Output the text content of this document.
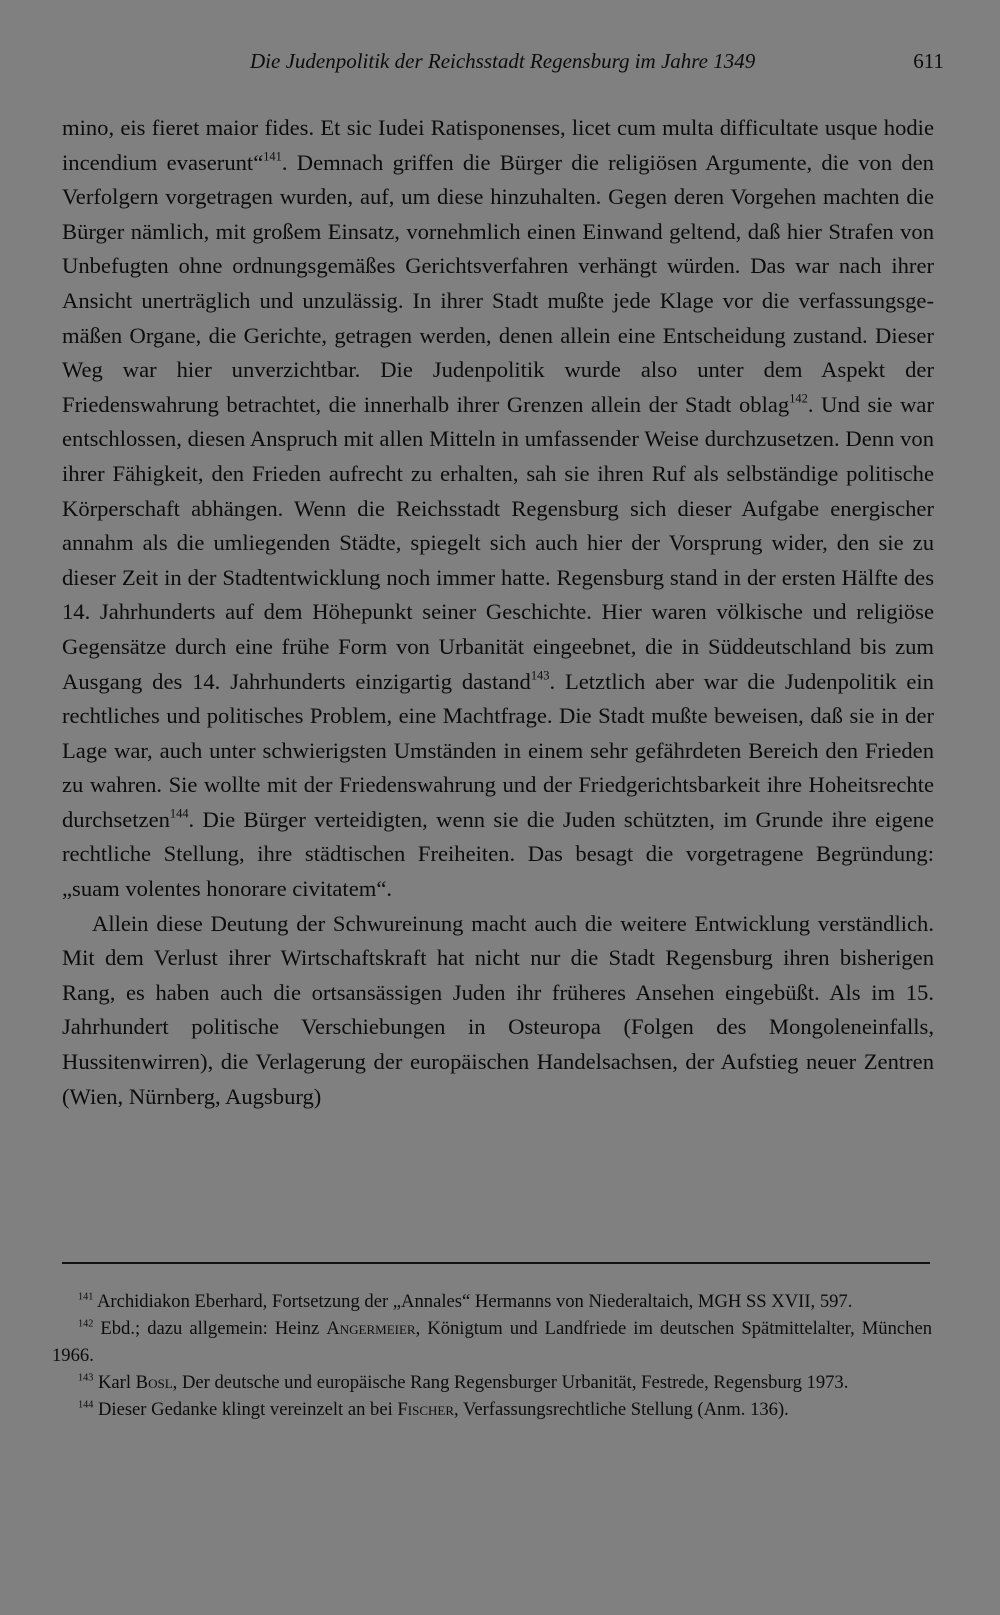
Die Judenpolitik der Reichsstadt Regensburg im Jahre 1349	611

mino, eis fieret maior fides. Et sic Iudei Ratisponenses, licet cum multa difficultate usque hodie incendium evaserunt“$^{141}$. Demnach griffen die Bürger die religiösen Argumente, die von den Verfolgern vorgetragen wurden, auf, um diese hinzuhalten. Gegen deren Vorgehen machten die Bürger nämlich, mit großem Einsatz, vornehmlich einen Einwand geltend, daß hier Strafen von Unbefugten ohne ordnungsgemäßes Gerichtsverfahren verhängt würden. Das war nach ihrer Ansicht unerträglich und unzulässig. In ihrer Stadt mußte jede Klage vor die verfassungsgemäßen Organe, die Gerichte, getragen werden, denen allein eine Entscheidung zustand. Dieser Weg war hier unverzichtbar. Die Judenpolitik wurde also unter dem Aspekt der Friedenswahrung betrachtet, die innerhalb ihrer Grenzen allein der Stadt oblag$^{142}$. Und sie war entschlossen, diesen Anspruch mit allen Mitteln in umfassender Weise durchzusetzen. Denn von ihrer Fähigkeit, den Frieden aufrecht zu erhalten, sah sie ihren Ruf als selbständige politische Körperschaft abhängen. Wenn die Reichsstadt Regensburg sich dieser Aufgabe energischer annahm als die umliegenden Städte, spiegelt sich auch hier der Vorsprung wider, den sie zu dieser Zeit in der Stadtentwicklung noch immer hatte. Regensburg stand in der ersten Hälfte des 14. Jahrhunderts auf dem Höhepunkt seiner Geschichte. Hier waren völkische und religiöse Gegensätze durch eine frühe Form von Urbanität eingeebnet, die in Süddeutschland bis zum Ausgang des 14. Jahrhunderts einzigartig dastand$^{143}$. Letztlich aber war die Judenpolitik ein rechtliches und politisches Problem, eine Machtfrage. Die Stadt mußte beweisen, daß sie in der Lage war, auch unter schwierigsten Umständen in einem sehr gefährdeten Bereich den Frieden zu wahren. Sie wollte mit der Friedenswahrung und der Friedgerichtsbarkeit ihre Hoheitsrechte durchsetzen$^{144}$. Die Bürger verteidigten, wenn sie die Juden schützten, im Grunde ihre eigene rechtliche Stellung, ihre städtischen Freiheiten. Das besagt die vorgetragene Begründung: „suam volentes honorare civitatem“.

Allein diese Deutung der Schwureinung macht auch die weitere Entwicklung verständlich. Mit dem Verlust ihrer Wirtschaftskraft hat nicht nur die Stadt Regensburg ihren bisherigen Rang, es haben auch die ortsansässigen Juden ihr früheres Ansehen eingebüßt. Als im 15. Jahrhundert politische Verschiebungen in Osteuropa (Folgen des Mongoleneinfalls, Hussitenwirren), die Verlagerung der europäischen Handelsachsen, der Aufstieg neuer Zentren (Wien, Nürnberg, Augsburg)

$^{141}$ Archidiakon Eberhard, Fortsetzung der „Annales“ Hermanns von Niederaltaich, MGH SS XVII, 597.

$^{142}$ Ebd.; dazu allgemein: Heinz Angermeier, Königtum und Landfriede im deutschen Spätmittelalter, München 1966.

$^{143}$ Karl Bosl, Der deutsche und europäische Rang Regensburger Urbanität, Festrede, Regensburg 1973.

$^{144}$ Dieser Gedanke klingt vereinzelt an bei Fischer, Verfassungsrechtliche Stellung (Anm. 136).
